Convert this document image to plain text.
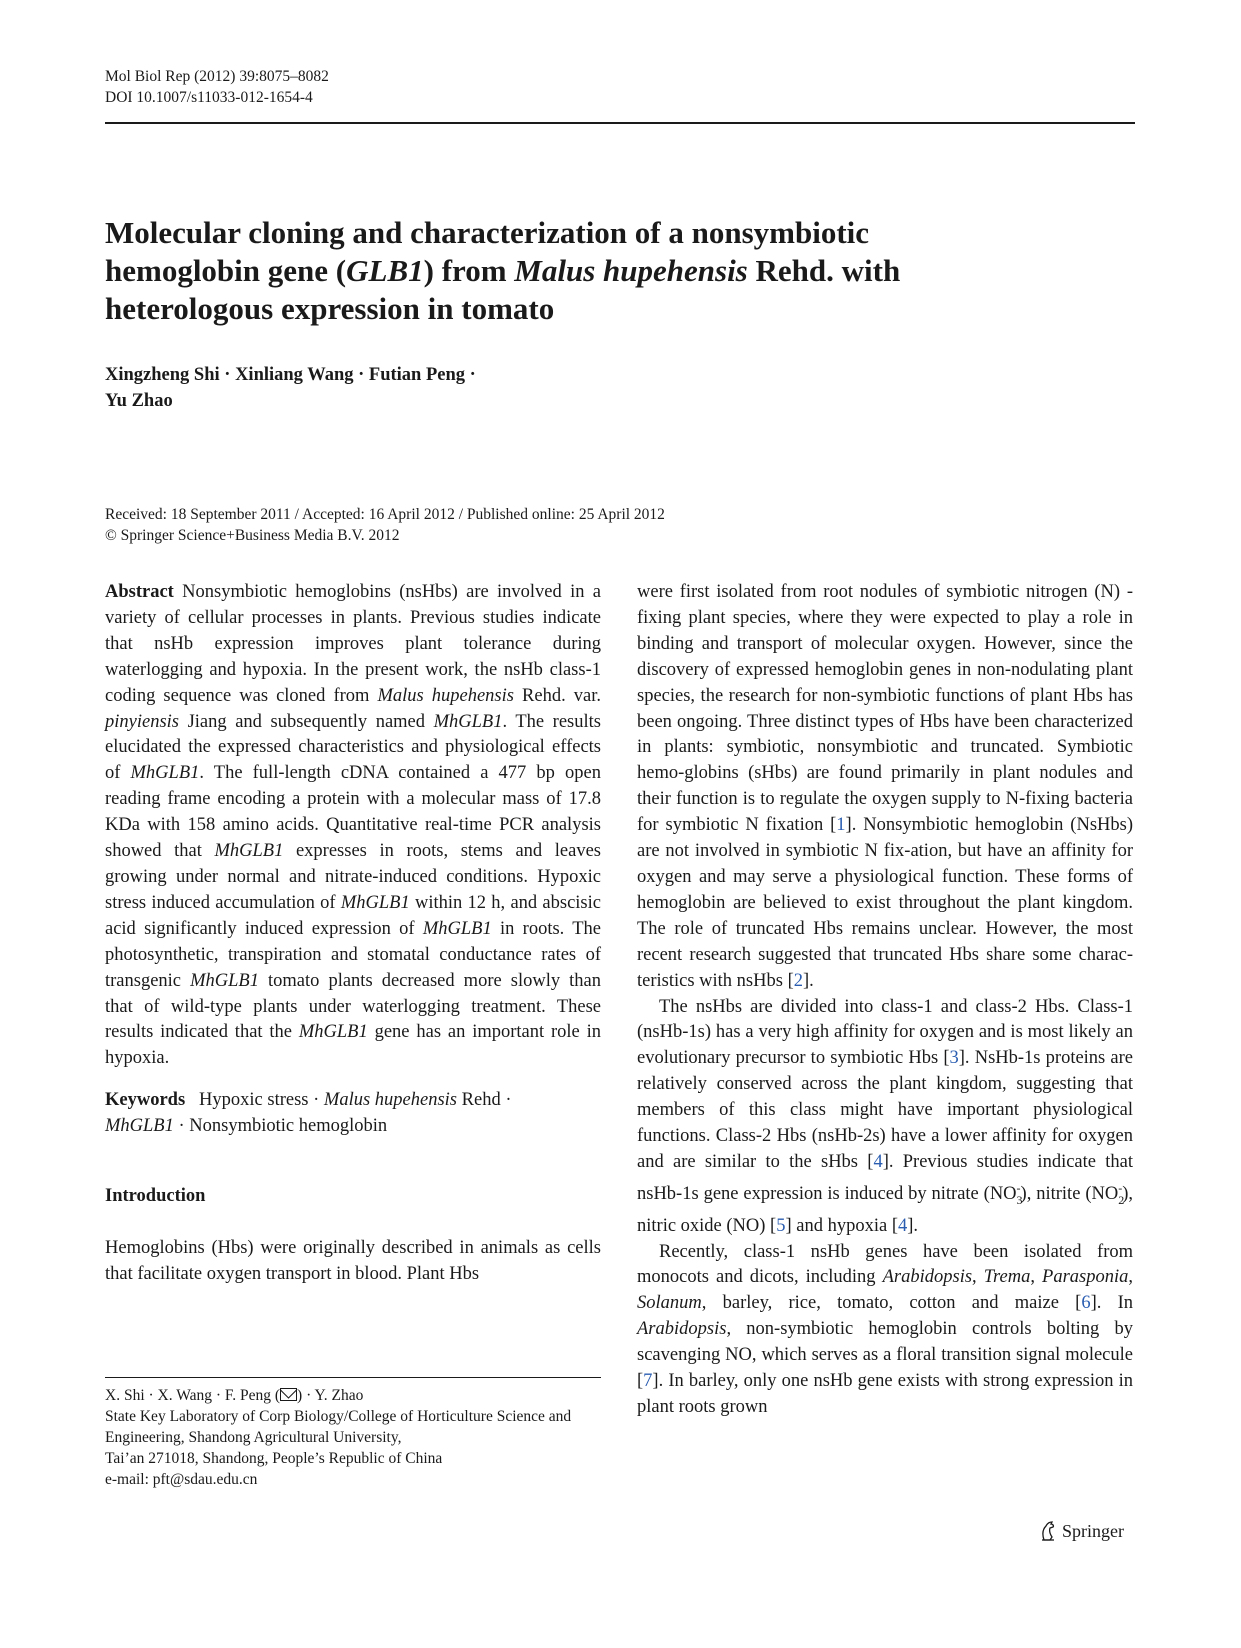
Mol Biol Rep (2012) 39:8075–8082
DOI 10.1007/s11033-012-1654-4
Molecular cloning and characterization of a nonsymbiotic hemoglobin gene (GLB1) from Malus hupehensis Rehd. with heterologous expression in tomato
Xingzheng Shi · Xinliang Wang · Futian Peng ·
Yu Zhao
Received: 18 September 2011 / Accepted: 16 April 2012 / Published online: 25 April 2012
© Springer Science+Business Media B.V. 2012

Abstract Nonsymbiotic hemoglobins (nsHbs) are involved in a variety of cellular processes in plants. Previous studies indicate that nsHb expression improves plant tolerance during waterlogging and hypoxia. In the present work, the nsHb class-1 coding sequence was cloned from Malus hupehensis Rehd. var. pinyiensis Jiang and subsequently named MhGLB1. The results elucidated the expressed characteristics and physiological effects of MhGLB1. The full-length cDNA contained a 477 bp open reading frame encoding a protein with a molecular mass of 17.8 KDa with 158 amino acids. Quantitative real-time PCR analysis showed that MhGLB1 expresses in roots, stems and leaves growing under normal and nitrate-induced conditions. Hypoxic stress induced accumulation of MhGLB1 within 12 h, and abscisic acid significantly induced expression of MhGLB1 in roots. The photosynthetic, transpiration and stomatal conductance rates of transgenic MhGLB1 tomato plants decreased more slowly than that of wild-type plants under waterlogging treatment. These results indicated that the MhGLB1 gene has an important role in hypoxia.

Keywords Hypoxic stress · Malus hupehensis Rehd ·
MhGLB1 · Nonsymbiotic hemoglobin

Introduction

Hemoglobins (Hbs) were originally described in animals as cells that facilitate oxygen transport in blood. Plant Hbs

X. Shi · X. Wang · F. Peng ( ) · Y. Zhao

State Key Laboratory of Corp Biology/College of Horticulture Science and Engineering, Shandong Agricultural University,

Tai’an 271018, Shandong, People’s Republic of China

e-mail: pft@sdau.edu.cn

were first isolated from root nodules of symbiotic nitrogen (N) -fixing plant species, where they were expected to play a role in binding and transport of molecular oxygen. However, since the discovery of expressed hemoglobin genes in non-nodulating plant species, the research for non-symbiotic functions of plant Hbs has been ongoing. Three distinct types of Hbs have been characterized in plants: symbiotic, nonsymbiotic and truncated. Symbiotic hemo-globins (sHbs) are found primarily in plant nodules and their function is to regulate the oxygen supply to N-fixing bacteria for symbiotic N fixation [1]. Nonsymbiotic hemoglobin (NsHbs) are not involved in symbiotic N fix-ation, but have an affinity for oxygen and may serve a physiological function. These forms of hemoglobin are believed to exist throughout the plant kingdom. The role of truncated Hbs remains unclear. However, the most recent research suggested that truncated Hbs share some charac-teristics with nsHbs [2].

The nsHbs are divided into class-1 and class-2 Hbs. Class-1 (nsHb-1s) has a very high affinity for oxygen and is most likely an evolutionary precursor to symbiotic Hbs [3]. NsHb-1s proteins are relatively conserved across the plant kingdom, suggesting that members of this class might have important physiological functions. Class-2 Hbs (nsHb-2s) have a lower affinity for oxygen and are similar to the sHbs [4]. Previous studies indicate that nsHb-1s gene expression is induced by nitrate $(NO_3^-)$, nitrite $(NO_2^-)$, nitric oxide (NO) [5] and hypoxia [4].

Recently, class-1 nsHb genes have been isolated from monocots and dicots, including Arabidopsis, Trema, Parasponia, Solanum, barley, rice, tomato, cotton and maize [6]. In Arabidopsis, non-symbiotic hemoglobin controls bolting by scavenging NO, which serves as a floral transition signal molecule [7]. In barley, only one nsHb gene exists with strong expression in plant roots grown

Springer
